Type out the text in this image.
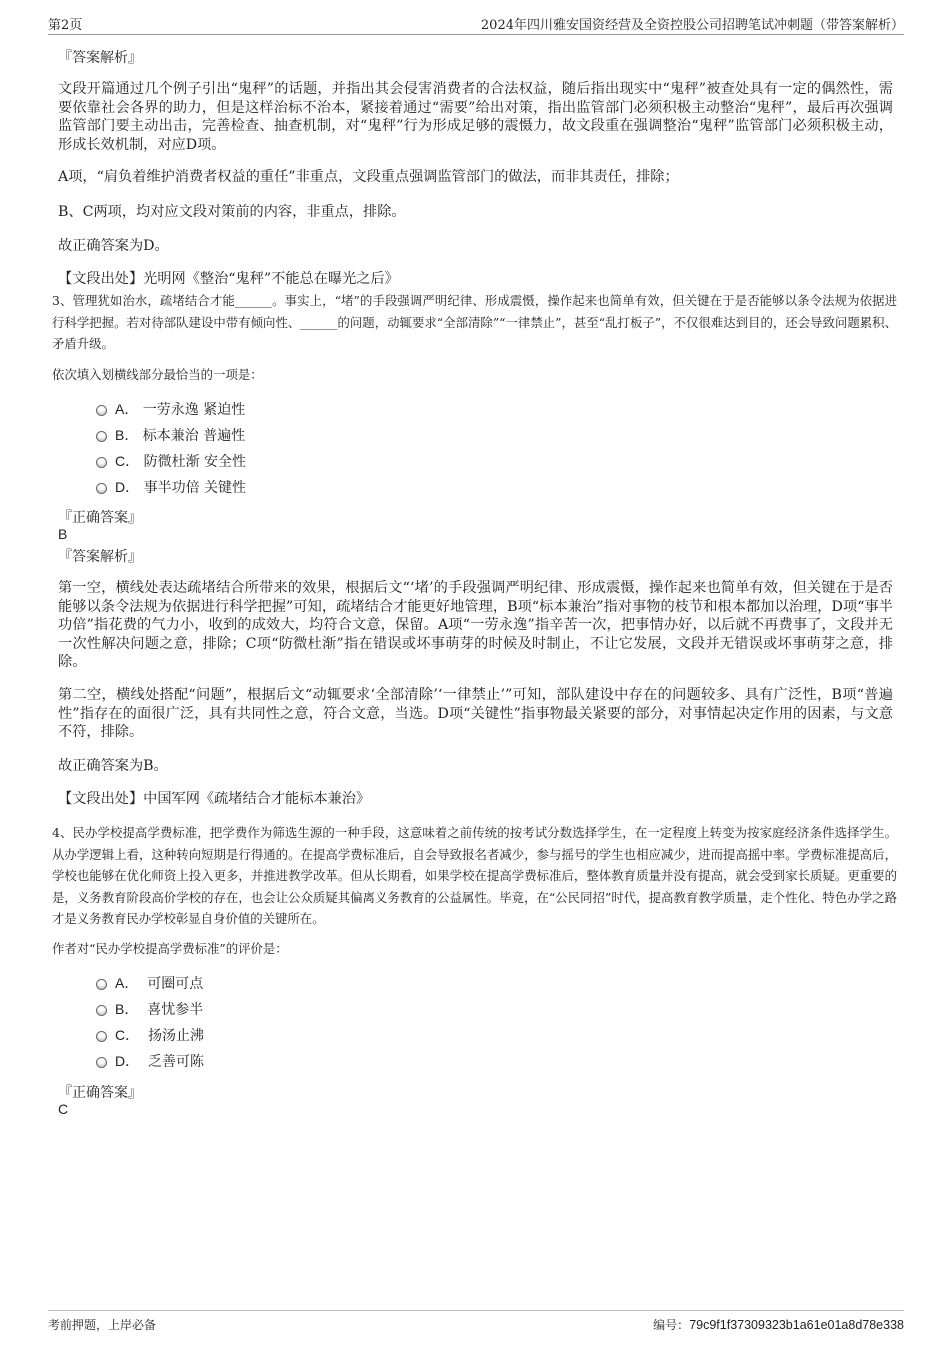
第2页	2024年四川雅安国资经营及全资控股公司招聘笔试冲刺题（带答案解析）
『答案解析』

文段开篇通过几个例子引出“鬼秤”的话题，并指出其会侵害消费者的合法权益，随后指出现实中“鬼秤”被查处具有一定的偶然性，需要依靠社会各界的助力，但是这样治标不治本，紧接着通过“需要”给出对策，指出监管部门必须积极主动整治“鬼秤”，最后再次强调监管部门要主动出击，完善检查、抽查机制，对“鬼秤”行为形成足够的震慑力，故文段重在强调整治“鬼秤”监管部门必须积极主动，形成长效机制，对应D项。

A项，“肩负着维护消费者权益的重任”非重点，文段重点强调监管部门的做法，而非其责任，排除；

B、C两项，均对应文段对策前的内容，非重点，排除。

故正确答案为D。

【文段出处】光明网《整治“鬼秤”不能总在曝光之后》

3、管理犹如治水，疏堵结合才能______。事实上，“堵”的手段强调严明纪律、形成震慑，操作起来也简单有效，但关键在于是否能够以条令法规为依据进行科学把握。若对待部队建设中带有倾向性、______的问题，动辄要求“全部清除”“一律禁止”，甚至“乱打板子”，不仅很难达到目的，还会导致问题累积、矛盾升级。

依次填入划横线部分最恰当的一项是：

A． 一劳永逸 紧迫性
B． 标本兼治 普遍性
C． 防微杜渐 安全性
D． 事半功倍 关键性
『正确答案』
B
『答案解析』

第一空，横线处表达疏堵结合所带来的效果，根据后文“‘堵’的手段强调严明纪律、形成震慑，操作起来也简单有效，但关键在于是否能够以条令法规为依据进行科学把握”可知，疏堵结合才能更好地管理，B项“标本兼治”指对事物的枝节和根本都加以治理，D项“事半功倍”指花费的气力小，收到的成效大，均符合文意，保留。A项“一劳永逸”指辛苦一次，把事情办好，以后就不再费事了，文段并无一次性解决问题之意，排除；C项“防微杜渐”指在错误或坏事萌芽的时候及时制止，不让它发展，文段并无错误或坏事萌芽之意，排除。

第二空，横线处搭配“问题”，根据后文“动辄要求‘全部清除’‘一律禁止’”可知，部队建设中存在的问题较多、具有广泛性，B项“普遍性”指存在的面很广泛，具有共同性之意，符合文意，当选。D项“关键性”指事物最关紧要的部分，对事情起决定作用的因素，与文意不符，排除。

故正确答案为B。

【文段出处】中国军网《疏堵结合才能标本兼治》

4、民办学校提高学费标准，把学费作为筛选生源的一种手段，这意味着之前传统的按考试分数选择学生，在一定程度上转变为按家庭经济条件选择学生。从办学逻辑上看，这种转向短期是行得通的。在提高学费标准后，自会导致报名者减少，参与摇号的学生也相应减少，进而提高摇中率。学费标准提高后，学校也能够在优化师资上投入更多，并推进教学改革。但从长期看，如果学校在提高学费标准后，整体教育质量并没有提高，就会受到家长质疑。更重要的是，义务教育阶段高价学校的存在，也会让公众质疑其偏离义务教育的公益属性。毕竟，在“公民同招”时代，提高教育教学质量，走个性化、特色办学之路才是义务教育民办学校彰显自身价值的关键所在。

作者对“民办学校提高学费标准”的评价是：

A． 可圈可点
B． 喜忧参半
C． 扬汤止沸
D． 乏善可陈
『正确答案』
C
考前押题，上岸必备	编号：79c9f1f37309323b1a61e01a8d78e338
